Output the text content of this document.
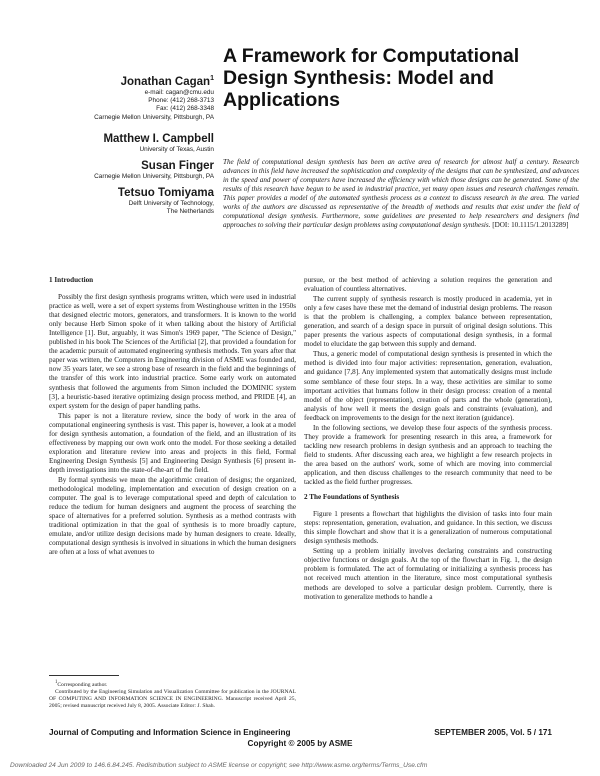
A Framework for Computational Design Synthesis: Model and Applications
Jonathan Cagan$^1$
e-mail: cagan@cmu.edu
Phone: (412) 268-3713
Fax: (412) 268-3348
Carnegie Mellon University, Pittsburgh, PA
Matthew I. Campbell
University of Texas, Austin
Susan Finger
Carnegie Mellon University, Pittsburgh, PA
Tetsuo Tomiyama
Delft University of Technology,
The Netherlands
The field of computational design synthesis has been an active area of research for almost half a century. Research advances in this field have increased the sophistication and complexity of the designs that can be synthesized, and advances in the speed and power of computers have increased the efficiency with which those designs can be generated. Some of the results of this research have begun to be used in industrial practice, yet many open issues and research challenges remain. This paper provides a model of the automated synthesis process as a context to discuss research in the area. The varied works of the authors are discussed as representative of the breadth of methods and results that exist under the field of computational design synthesis. Furthermore, some guidelines are presented to help researchers and designers find approaches to solving their particular design problems using computational design synthesis. [DOI: 10.1115/1.2013289]

1 Introduction

Possibly the first design synthesis programs written, which were used in industrial practice as well, were a set of expert systems from Westinghouse written in the 1950s that designed electric motors, generators, and transformers. It is known to the world only because Herb Simon spoke of it when talking about the history of Artificial Intelligence [1]. But, arguably, it was Simon's 1969 paper, "The Science of Design," published in his book The Sciences of the Artificial [2], that provided a foundation for the academic pursuit of automated engineering synthesis methods. Ten years after that paper was written, the Computers in Engineering division of ASME was founded and, now 35 years later, we see a strong base of research in the field and the beginnings of the transfer of this work into industrial practice. Some early work on automated synthesis that followed the arguments from Simon included the DOMINIC system [3], a heuristic-based iterative optimizing design process method, and PRIDE [4], an expert system for the design of paper handling paths.

This paper is not a literature review, since the body of work in the area of computational engineering synthesis is vast. This paper is, however, a look at a model for design synthesis automation, a foundation of the field, and an illustration of its effectiveness by mapping our own work onto the model. For those seeking a detailed exploration and literature review into areas and projects in this field, Formal Engineering Design Synthesis [5] and Engineering Design Synthesis [6] present in-depth investigations into the state-of-the-art of the field.

By formal synthesis we mean the algorithmic creation of designs; the organized, methodological modeling, implementation and execution of design creation on a computer. The goal is to leverage computational speed and depth of calculation to reduce the tedium for human designers and augment the process of searching the space of alternatives for a preferred solution. Synthesis as a method contrasts with traditional optimization in that the goal of synthesis is to more broadly capture, emulate, and/or utilize design decisions made by human designers to create. Ideally, computational design synthesis is involved in situations in which the human designers are often at a loss of what avenues to

pursue, or the best method of achieving a solution requires the generation and evaluation of countless alternatives.

The current supply of synthesis research is mostly produced in academia, yet in only a few cases have these met the demand of industrial design problems. The reason is that the problem is challenging, a complex balance between representation, generation, and search of a design space in pursuit of original design solutions. This paper presents the various aspects of computational design synthesis, in a formal model to elucidate the gap between this supply and demand.

Thus, a generic model of computational design synthesis is presented in which the method is divided into four major activities: representation, generation, evaluation, and guidance [7,8]. Any implemented system that automatically designs must include some semblance of these four steps. In a way, these activities are similar to some important activities that humans follow in their design process: creation of a mental model of the object (representation), creation of parts and the whole (generation), analysis of how well it meets the design goals and constraints (evaluation), and feedback on improvements to the design for the next iteration (guidance).

In the following sections, we develop these four aspects of the synthesis process. They provide a framework for presenting research in this area, a framework for tackling new research problems in design synthesis and an approach to teaching the field to students. After discussing each area, we highlight a few research projects in the area based on the authors' work, some of which are moving into commercial application, and then discuss challenges to the research community that need to be tackled as the field further progresses.

2 The Foundations of Synthesis

Figure 1 presents a flowchart that highlights the division of tasks into four main steps: representation, generation, evaluation, and guidance. In this section, we discuss this simple flowchart and show that it is a generalization of numerous computational design synthesis methods.

Setting up a problem initially involves declaring constraints and constructing objective functions or design goals. At the top of the flowchart in Fig. 1, the design problem is formulated. The act of formulating or initializing a synthesis process has not received much attention in the literature, since most computational synthesis methods are developed to solve a particular design problem. Currently, there is motivation to generalize methods to handle a

$^1$Corresponding author.

Contributed by the Engineering Simulation and Visualization Committee for publication in the JOURNAL OF COMPUTING AND INFORMATION SCIENCE IN ENGINEERING. Manuscript received April 25, 2005; revised manuscript received July 8, 2005. Associate Editor: J. Shah.

Journal of Computing and Information Science in Engineering	SEPTEMBER 2005, Vol. 5 / 171
Copyright © 2005 by ASME
Downloaded 24 Jun 2009 to 146.6.84.245. Redistribution subject to ASME license or copyright; see http://www.asme.org/terms/Terms_Use.cfm
